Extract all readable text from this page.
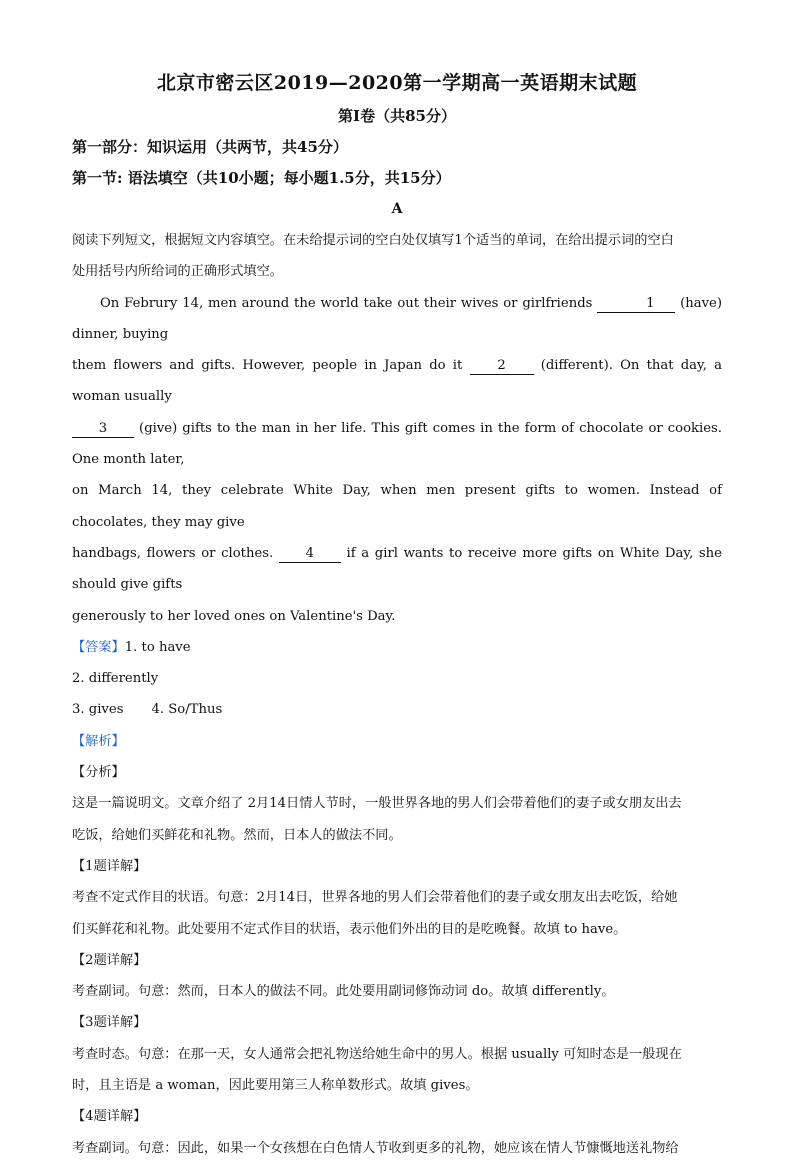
北京市密云区2019—2020第一学期高一英语期末试题

第I卷（共85分）

第一部分：知识运用（共两节，共45分）

第一节: 语法填空（共10小题；每小题1.5分，共15分）

A

阅读下列短文，根据短文内容填空。在未给提示词的空白处仅填写1个适当的单词，在给出提示词的空白

处用括号内所给词的正确形式填空。

On Februry 14, men around the world take out their wives or girlfriends	1 (have) dinner, buying

them flowers and gifts. However, people in Japan do it 2 (different). On that day, a woman usually

3 (give) gifts to the man in her life. This gift comes in the form of chocolate or cookies. One month later,

on March 14, they celebrate White Day, when men present gifts to women. Instead of chocolates, they may give

handbags, flowers or clothes. 4 if a girl wants to receive more gifts on White Day, she should give gifts

generously to her loved ones on Valentine's Day.

【答案】1. to have

2. differently

3. gives 4. So/Thus

【解析】

【分析】

这是一篇说明文。文章介绍了 2月14日情人节时，一般世界各地的男人们会带着他们的妻子或女朋友出去

吃饭，给她们买鲜花和礼物。然而，日本人的做法不同。

【1题详解】

考查不定式作目的状语。句意：2月14日，世界各地的男人们会带着他们的妻子或女朋友出去吃饭，给她

们买鲜花和礼物。此处要用不定式作目的状语，表示他们外出的目的是吃晚餐。故填 to have。

【2题详解】

考查副词。句意：然而，日本人的做法不同。此处要用副词修饰动词 do。故填 differently。

【3题详解】

考查时态。句意：在那一天，女人通常会把礼物送给她生命中的男人。根据 usually 可知时态是一般现在

时，且主语是 a woman，因此要用第三人称单数形式。故填 gives。

【4题详解】

考查副词。句意：因此，如果一个女孩想在白色情人节收到更多的礼物，她应该在情人节慷慨地送礼物给
